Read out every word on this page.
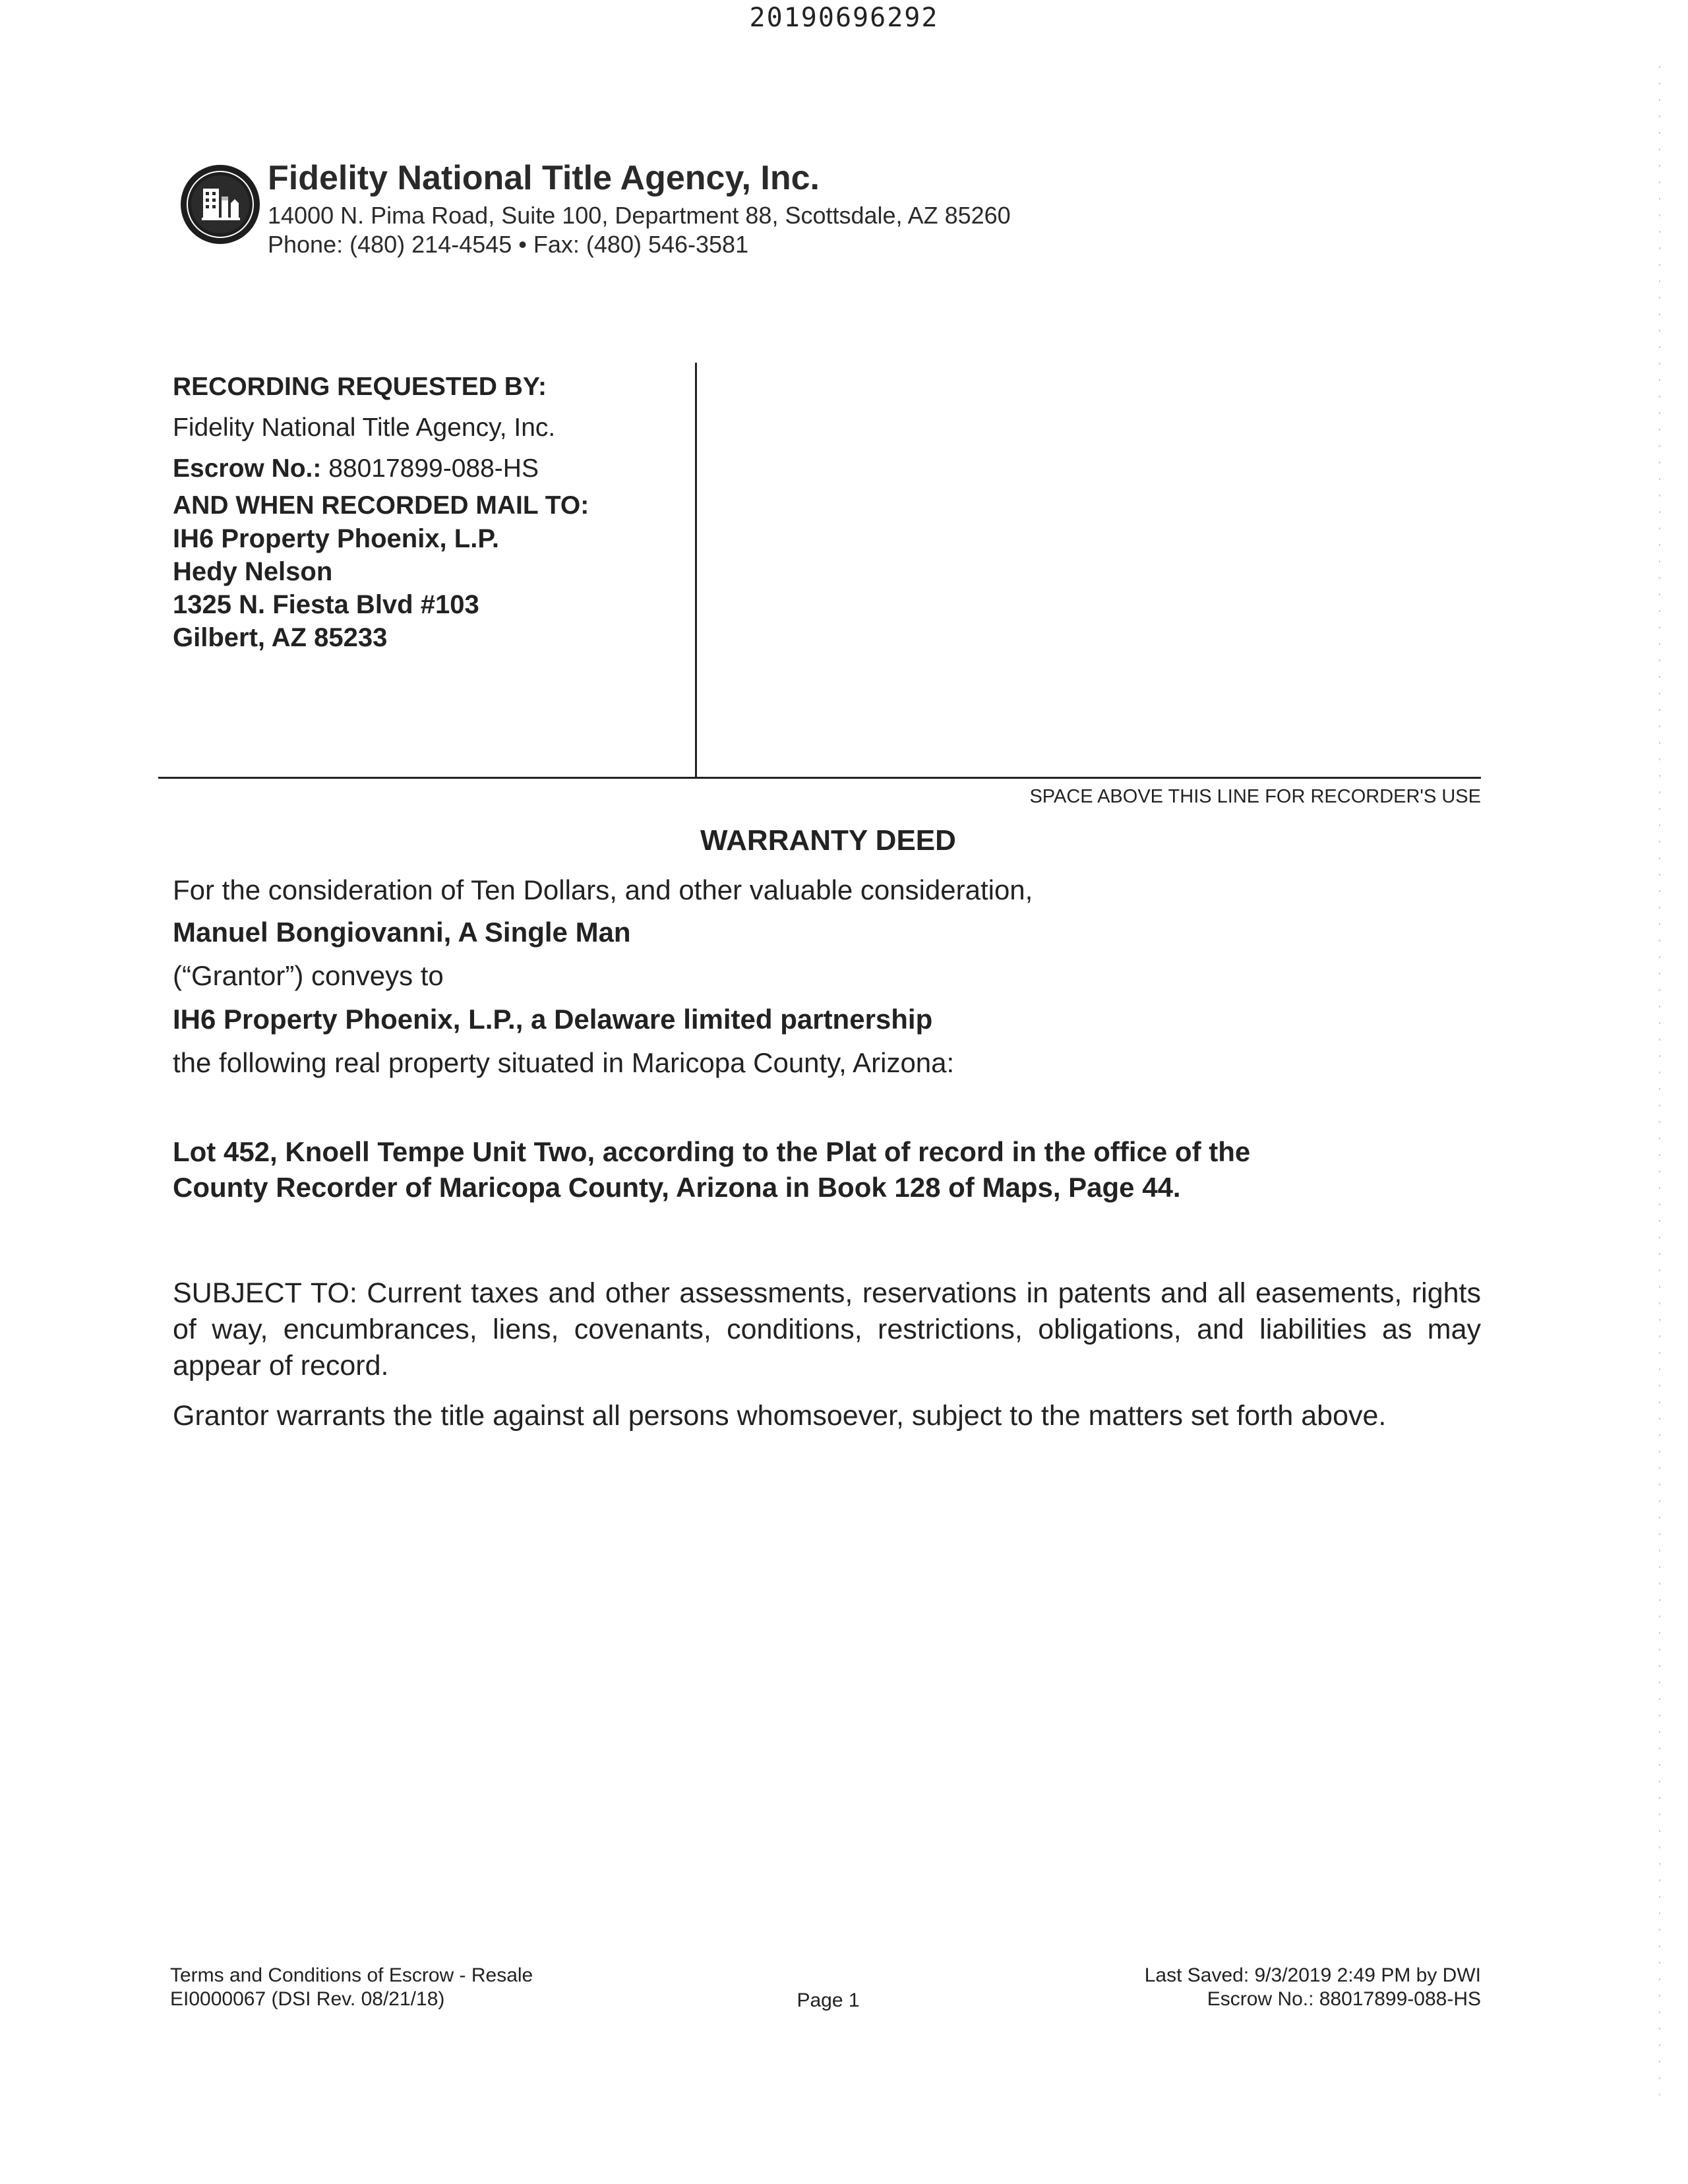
20190696292
Fidelity National Title Agency, Inc.
14000 N. Pima Road, Suite 100, Department 88, Scottsdale, AZ 85260
Phone: (480) 214-4545 • Fax: (480) 546-3581
RECORDING REQUESTED BY:
Fidelity National Title Agency, Inc.
Escrow No.: 88017899-088-HS
AND WHEN RECORDED MAIL TO:
IH6 Property Phoenix, L.P.
Hedy Nelson
1325 N. Fiesta Blvd #103
Gilbert, AZ 85233
SPACE ABOVE THIS LINE FOR RECORDER'S USE
WARRANTY DEED
For the consideration of Ten Dollars, and other valuable consideration,
Manuel Bongiovanni, A Single Man
(“Grantor”) conveys to
IH6 Property Phoenix, L.P., a Delaware limited partnership
the following real property situated in Maricopa County, Arizona:
Lot 452, Knoell Tempe Unit Two, according to the Plat of record in the office of the
County Recorder of Maricopa County, Arizona in Book 128 of Maps, Page 44.
SUBJECT TO: Current taxes and other assessments, reservations in patents and all easements, rights of way, encumbrances, liens, covenants, conditions, restrictions, obligations, and liabilities as may appear of record.
Grantor warrants the title against all persons whomsoever, subject to the matters set forth above.
Terms and Conditions of Escrow - Resale
EI0000067 (DSI Rev. 08/21/18)	Page 1
Last Saved: 9/3/2019 2:49 PM by DWI
Escrow No.: 88017899-088-HS
